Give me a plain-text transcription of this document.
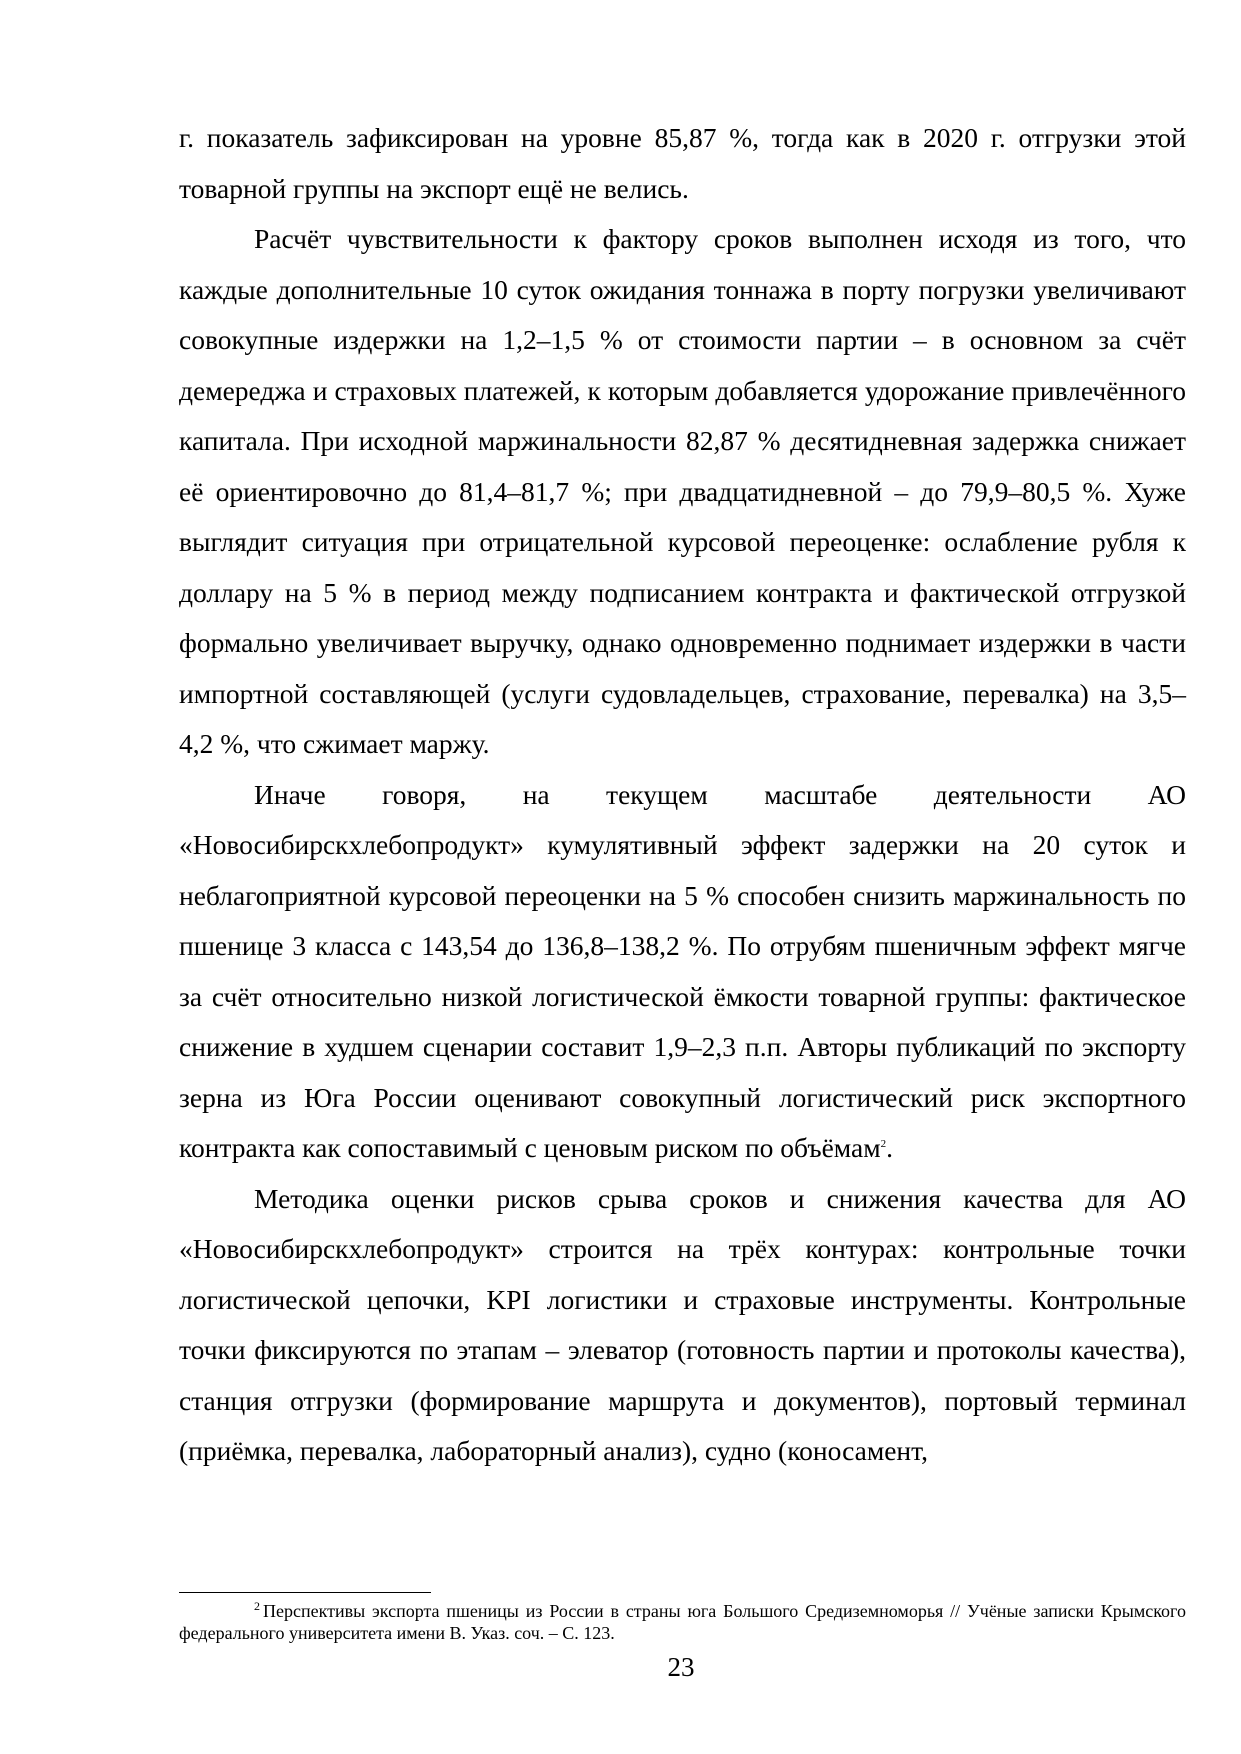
г. показатель зафиксирован на уровне 85,87 %, тогда как в 2020 г. отгрузки этой товарной группы на экспорт ещё не велись.

Расчёт чувствительности к фактору сроков выполнен исходя из того, что каждые дополнительные 10 суток ожидания тоннажа в порту погрузки увеличивают совокупные издержки на 1,2–1,5 % от стоимости партии – в основном за счёт демереджа и страховых платежей, к которым добавляется удорожание привлечённого капитала. При исходной маржинальности 82,87 % десятидневная задержка снижает её ориентировочно до 81,4–81,7 %; при двадцатидневной – до 79,9–80,5 %. Хуже выглядит ситуация при отрицательной курсовой переоценке: ослабление рубля к доллару на 5 % в период между подписанием контракта и фактической отгрузкой формально увеличивает выручку, однако одновременно поднимает издержки в части импортной составляющей (услуги судовладельцев, страхование, перевалка) на 3,5–4,2 %, что сжимает маржу.

Иначе говоря, на текущем масштабе деятельности АО «Новосибирскхлебопродукт» кумулятивный эффект задержки на 20 суток и неблагоприятной курсовой переоценки на 5 % способен снизить маржинальность по пшенице 3 класса с 143,54 до 136,8–138,2 %. По отрубям пшеничным эффект мягче за счёт относительно низкой логистической ёмкости товарной группы: фактическое снижение в худшем сценарии составит 1,9–2,3 п.п. Авторы публикаций по экспорту зерна из Юга России оценивают совокупный логистический риск экспортного контракта как сопоставимый с ценовым риском по объёмам$^2$.

Методика оценки рисков срыва сроков и снижения качества для АО «Новосибирскхлебопродукт» строится на трёх контурах: контрольные точки логистической цепочки, KPI логистики и страховые инструменты. Контрольные точки фиксируются по этапам – элеватор (готовность партии и протоколы качества), станция отгрузки (формирование маршрута и документов), портовый терминал (приёмка, перевалка, лабораторный анализ), судно (коносамент,

$^2$ Перспективы экспорта пшеницы из России в страны юга Большого Средиземноморья // Учёные записки Крымского федерального университета имени В. Указ. соч. – С. 123.

23
